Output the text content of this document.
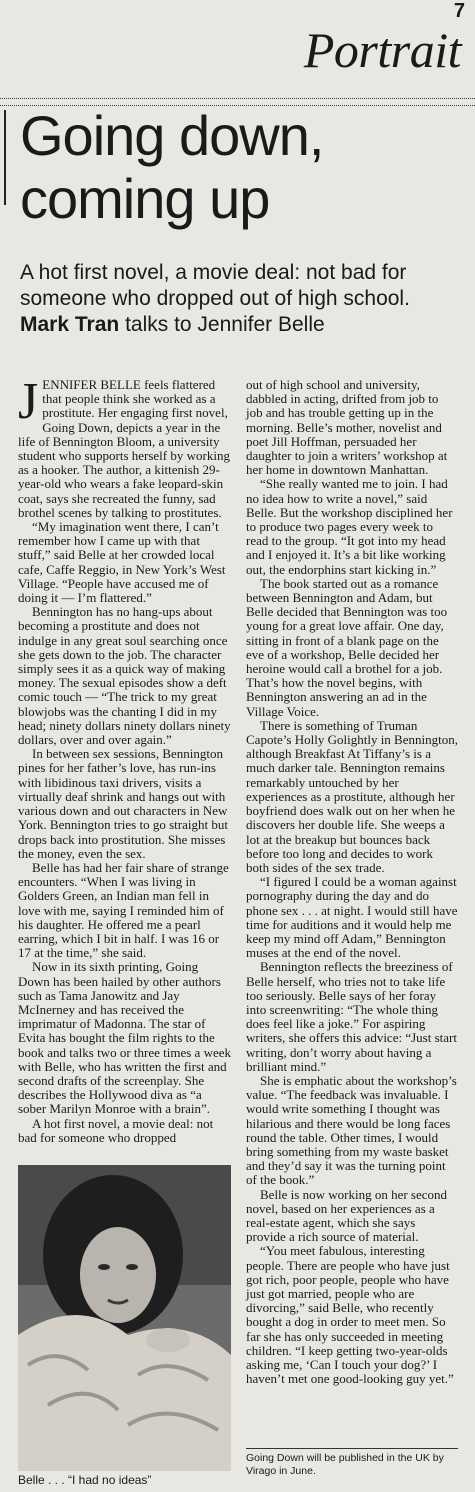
7
Portrait
Going down, coming up
A hot first novel, a movie deal: not bad for someone who dropped out of high school. Mark Tran talks to Jennifer Belle

JENNIFER BELLE feels flattered that people think she worked as a prostitute. Her engaging first novel, Going Down, depicts a year in the life of Bennington Bloom, a university student who supports herself by working as a hooker. The author, a kittenish 29-year-old who wears a fake leopard-skin coat, says she recreated the funny, sad brothel scenes by talking to prostitutes.

“My imagination went there, I can’t remember how I came up with that stuff,” said Belle at her crowded local cafe, Caffe Reggio, in New York’s West Village. “People have accused me of doing it — I’m flattered.”

Bennington has no hang-ups about becoming a prostitute and does not indulge in any great soul searching once she gets down to the job. The character simply sees it as a quick way of making money. The sexual episodes show a deft comic touch — “The trick to my great blowjobs was the chanting I did in my head; ninety dollars ninety dollars ninety dollars, over and over again.”

In between sex sessions, Bennington pines for her father’s love, has run-ins with libidinous taxi drivers, visits a virtually deaf shrink and hangs out with various down and out characters in New York. Bennington tries to go straight but drops back into prostitution. She misses the money, even the sex.

Belle has had her fair share of strange encounters. “When I was living in Golders Green, an Indian man fell in love with me, saying I reminded him of his daughter. He offered me a pearl earring, which I bit in half. I was 16 or 17 at the time,” she said.

Now in its sixth printing, Going Down has been hailed by other authors such as Tama Janowitz and Jay McInerney and has received the imprimatur of Madonna. The star of Evita has bought the film rights to the book and talks two or three times a week with Belle, who has written the first and second drafts of the screenplay. She describes the Hollywood diva as “a sober Marilyn Monroe with a brain”.

A hot first novel, a movie deal: not bad for someone who dropped

Belle . . . “I had no ideas”

out of high school and university, dabbled in acting, drifted from job to job and has trouble getting up in the morning. Belle’s mother, novelist and poet Jill Hoffman, persuaded her daughter to join a writers’ workshop at her home in downtown Manhattan.

“She really wanted me to join. I had no idea how to write a novel,” said Belle. But the workshop disciplined her to produce two pages every week to read to the group. “It got into my head and I enjoyed it. It’s a bit like working out, the endorphins start kicking in.”

The book started out as a romance between Bennington and Adam, but Belle decided that Bennington was too young for a great love affair. One day, sitting in front of a blank page on the eve of a workshop, Belle decided her heroine would call a brothel for a job. That’s how the novel begins, with Bennington answering an ad in the Village Voice.

There is something of Truman Capote’s Holly Golightly in Bennington, although Breakfast At Tiffany’s is a much darker tale. Bennington remains remarkably untouched by her experiences as a prostitute, although her boyfriend does walk out on her when he discovers her double life. She weeps a lot at the breakup but bounces back before too long and decides to work both sides of the sex trade.

“I figured I could be a woman against pornography during the day and do phone sex . . . at night. I would still have time for auditions and it would help me keep my mind off Adam,” Bennington muses at the end of the novel.

Bennington reflects the breeziness of Belle herself, who tries not to take life too seriously. Belle says of her foray into screenwriting: “The whole thing does feel like a joke.” For aspiring writers, she offers this advice: “Just start writing, don’t worry about having a brilliant mind.”

She is emphatic about the workshop’s value. “The feedback was invaluable. I would write something I thought was hilarious and there would be long faces round the table. Other times, I would bring something from my waste basket and they’d say it was the turning point of the book.”

Belle is now working on her second novel, based on her experiences as a real-estate agent, which she says provide a rich source of material.

“You meet fabulous, interesting people. There are people who have just got rich, poor people, people who have just got married, people who are divorcing,” said Belle, who recently bought a dog in order to meet men. So far she has only succeeded in meeting children. “I keep getting two-year-olds asking me, ‘Can I touch your dog?’ I haven’t met one good-looking guy yet.”

Going Down will be published in the UK by Virago in June.
